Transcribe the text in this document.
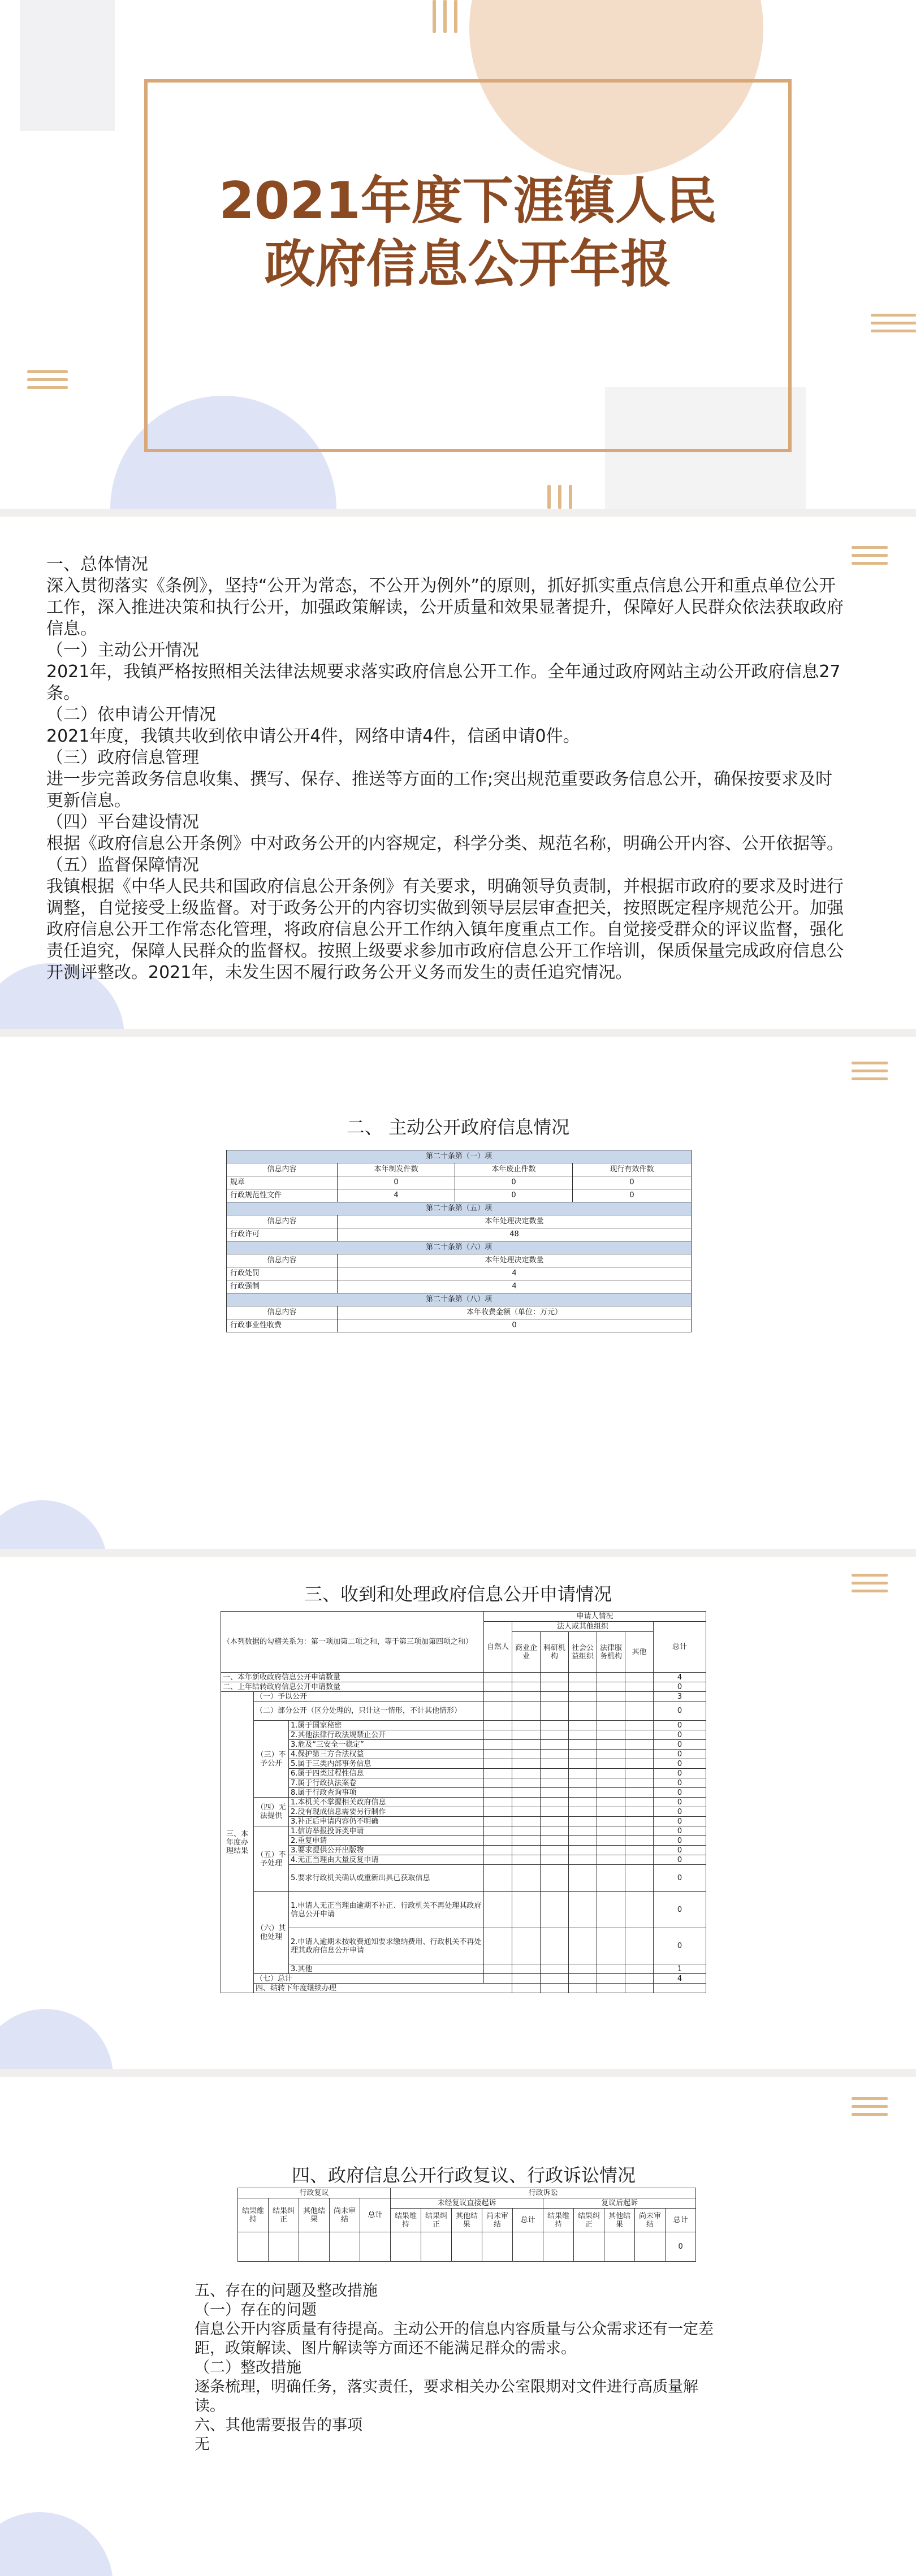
2021年度下涯镇人民
政府信息公开年报

一、总体情况

深入贯彻落实《条例》，坚持“公开为常态，不公开为例外”的原则，抓好抓实重点信息公开和重点单位公开工作，深入推进决策和执行公开，加强政策解读，公开质量和效果显著提升，保障好人民群众依法获取政府信息。

（一）主动公开情况

2021年，我镇严格按照相关法律法规要求落实政府信息公开工作。全年通过政府网站主动公开政府信息27条。

（二）依申请公开情况

2021年度，我镇共收到依申请公开4件，网络申请4件，信函申请0件。

（三）政府信息管理

进一步完善政务信息收集、撰写、保存、推送等方面的工作;突出规范重要政务信息公开，确保按要求及时更新信息。

（四）平台建设情况

根据《政府信息公开条例》中对政务公开的内容规定，科学分类、规范名称，明确公开内容、公开依据等。

（五）监督保障情况

我镇根据《中华人民共和国政府信息公开条例》有关要求，明确领导负责制，并根据市政府的要求及时进行调整，自觉接受上级监督。对于政务公开的内容切实做到领导层层审查把关，按照既定程序规范公开。加强政府信息公开工作常态化管理，将政府信息公开工作纳入镇年度重点工作。自觉接受群众的评议监督，强化责任追究，保障人民群众的监督权。按照上级要求参加市政府信息公开工作培训，保质保量完成政府信息公开测评整改。2021年，未发生因不履行政务公开义务而发生的责任追究情况。

二、 主动公开政府信息情况
第二十条第（一）项			
信息内容	本年制发件数	本年废止件数	现行有效件数
规章	0	0	0
行政规范性文件	4	0	0
第二十条第（五）项			
信息内容	本年处理决定数量		
行政许可	48		
第二十条第（六）项			
信息内容	本年处理决定数量		
行政处罚	4		
行政强制	4		
第二十条第（八）项			
信息内容	本年收费金额（单位：万元）		
行政事业性收费	0		
三、收到和处理政府信息公开申请情况
（本列数据的勾稽关系为：第一项加第二项之和，等于第三项加第四项之和）			申请人情况							
			自然人	法人或其他组织					总计	
				商业企业	科研机构	社会公益组织	法律服务机构	其他		
一、本年新收政府信息公开申请数量									4	
二、上年结转政府信息公开申请数量									0	
三、本年度办理结果	（一）予以公开								3	
	（二）部分公开（区分处理的，只计这一情形，不计其他情形）								0	
	（三）不予公开	1.属于国家秘密							0	
		2.其他法律行政法规禁止公开							0	
		3.危及“三安全一稳定”							0	
		4.保护第三方合法权益							0	
		5.属于三类内部事务信息							0	
		6.属于四类过程性信息							0	
		7.属于行政执法案卷							0	
		8.属于行政查询事项							0	
	（四）无法提供	1.本机关不掌握相关政府信息							0	
		2.没有现成信息需要另行制作							0	
		3.补正后申请内容仍不明确							0	
	（五）不予处理	1.信访举报投诉类申请							0	
		2.重复申请							0	
		3.要求提供公开出版物							0	
		4.无正当理由大量反复申请							0	
		5.要求行政机关确认或重新出具已获取信息							0	
	（六）其他处理	1.申请人无正当理由逾期不补正、行政机关不再处理其政府信息公开申请							0	
		2.申请人逾期未按收费通知要求缴纳费用、行政机关不再处理其政府信息公开申请							0	
		3.其他							1	
	（七）总计								4	
	四、结转下年度继续办理							
四、政府信息公开行政复议、行政诉讼情况
行政复议					行政诉讼									
结果维持	结果纠正	其他结果	尚未审结	总计	未经复议直接起诉					复议后起诉				
					结果维持	结果纠正	其他结果	尚未审结	总计	结果维持	结果纠正	其他结果	尚未审结	总计
														0

五、存在的问题及整改措施

（一）存在的问题

信息公开内容质量有待提高。主动公开的信息内容质量与公众需求还有一定差距，政策解读、图片解读等方面还不能满足群众的需求。

（二）整改措施

逐条梳理，明确任务，落实责任，要求相关办公室限期对文件进行高质量解读。

六、其他需要报告的事项

无
